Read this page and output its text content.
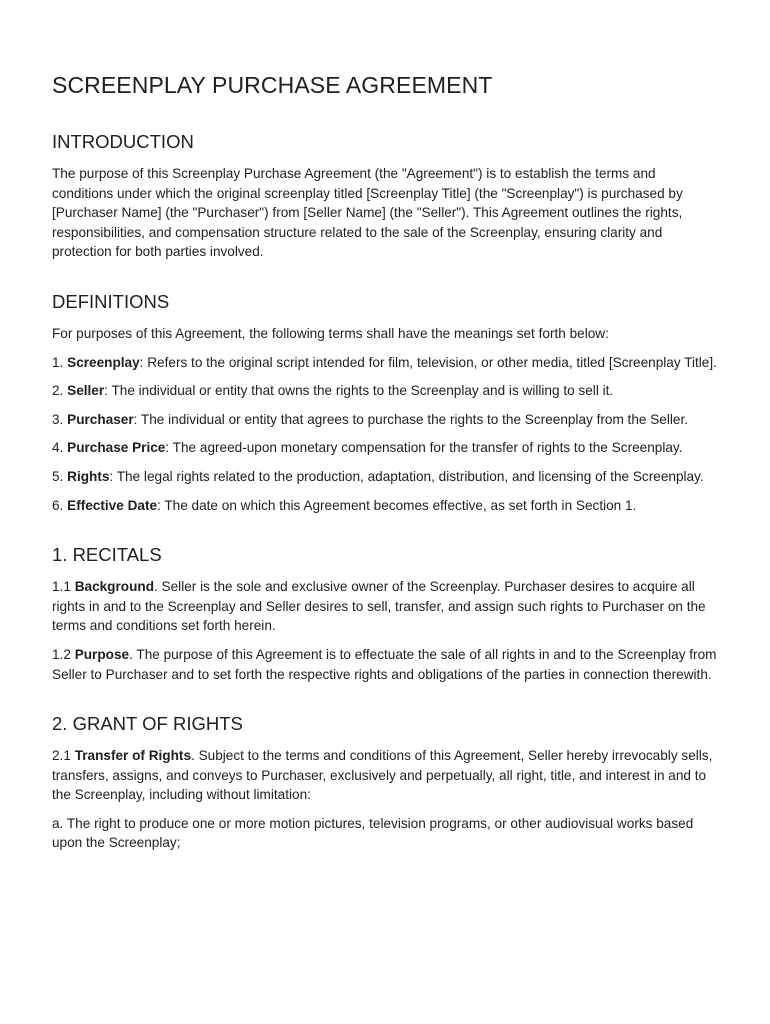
SCREENPLAY PURCHASE AGREEMENT
INTRODUCTION

The purpose of this Screenplay Purchase Agreement (the "Agreement") is to establish the terms and conditions under which the original screenplay titled [Screenplay Title] (the "Screenplay") is purchased by [Purchaser Name] (the "Purchaser") from [Seller Name] (the "Seller"). This Agreement outlines the rights, responsibilities, and compensation structure related to the sale of the Screenplay, ensuring clarity and protection for both parties involved.

DEFINITIONS

For purposes of this Agreement, the following terms shall have the meanings set forth below:

1. Screenplay: Refers to the original script intended for film, television, or other media, titled [Screenplay Title].

2. Seller: The individual or entity that owns the rights to the Screenplay and is willing to sell it.

3. Purchaser: The individual or entity that agrees to purchase the rights to the Screenplay from the Seller.

4. Purchase Price: The agreed-upon monetary compensation for the transfer of rights to the Screenplay.

5. Rights: The legal rights related to the production, adaptation, distribution, and licensing of the Screenplay.

6. Effective Date: The date on which this Agreement becomes effective, as set forth in Section 1.

1. RECITALS

1.1 Background. Seller is the sole and exclusive owner of the Screenplay. Purchaser desires to acquire all rights in and to the Screenplay and Seller desires to sell, transfer, and assign such rights to Purchaser on the terms and conditions set forth herein.

1.2 Purpose. The purpose of this Agreement is to effectuate the sale of all rights in and to the Screenplay from Seller to Purchaser and to set forth the respective rights and obligations of the parties in connection therewith.

2. GRANT OF RIGHTS

2.1 Transfer of Rights. Subject to the terms and conditions of this Agreement, Seller hereby irrevocably sells, transfers, assigns, and conveys to Purchaser, exclusively and perpetually, all right, title, and interest in and to the Screenplay, including without limitation:

a. The right to produce one or more motion pictures, television programs, or other audiovisual works based upon the Screenplay;
